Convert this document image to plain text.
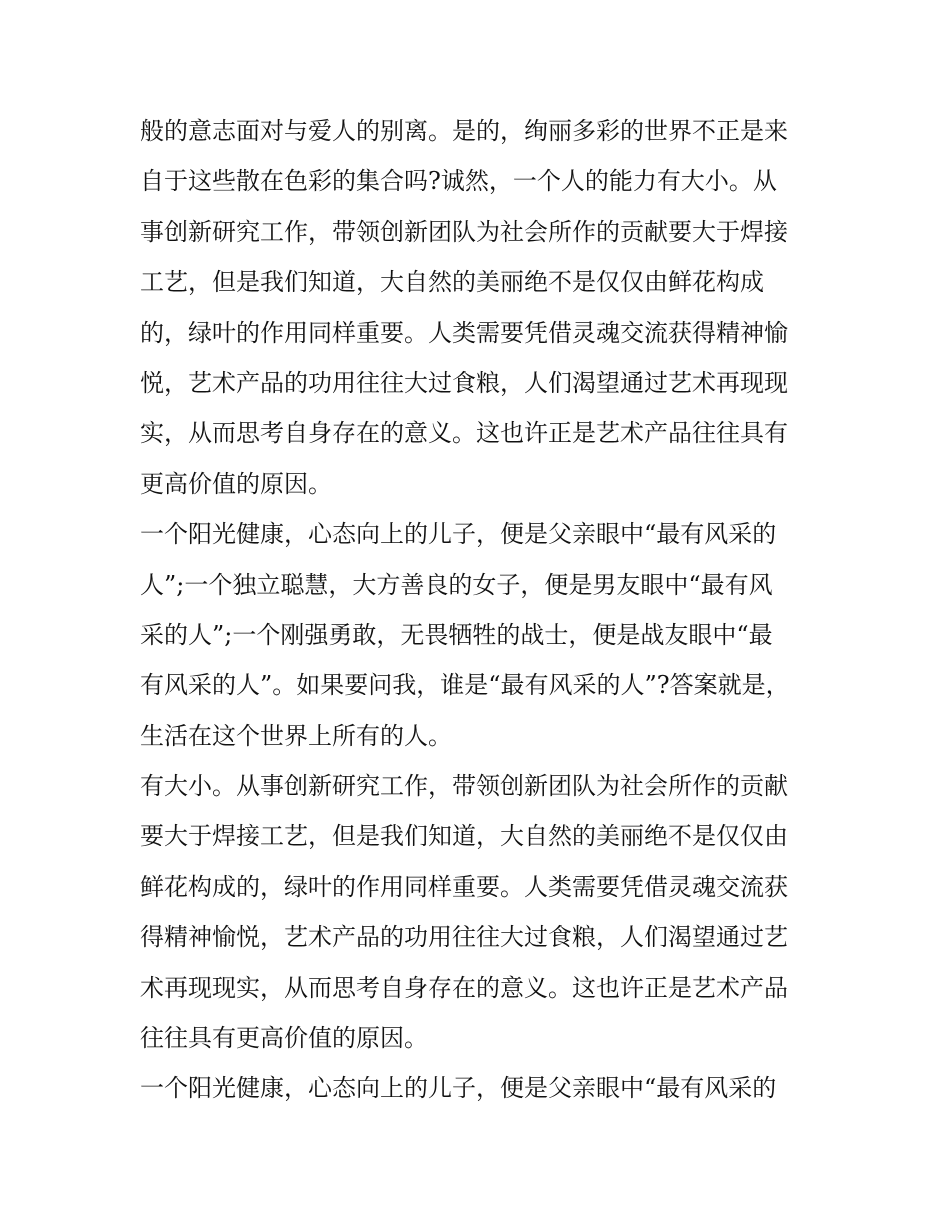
般的意志面对与爱人的别离。是的，绚丽多彩的世界不正是来
自于这些散在色彩的集合吗?诚然，一个人的能力有大小。从
事创新研究工作，带领创新团队为社会所作的贡献要大于焊接
工艺，但是我们知道，大自然的美丽绝不是仅仅由鲜花构成
的，绿叶的作用同样重要。人类需要凭借灵魂交流获得精神愉
悦，艺术产品的功用往往大过食粮，人们渴望通过艺术再现现
实，从而思考自身存在的意义。这也许正是艺术产品往往具有
更高价值的原因。
一个阳光健康，心态向上的儿子，便是父亲眼中“最有风采的
人”;一个独立聪慧，大方善良的女子，便是男友眼中“最有风
采的人”;一个刚强勇敢，无畏牺牲的战士，便是战友眼中“最
有风采的人”。如果要问我，谁是“最有风采的人”?答案就是，
生活在这个世界上所有的人。
有大小。从事创新研究工作，带领创新团队为社会所作的贡献
要大于焊接工艺，但是我们知道，大自然的美丽绝不是仅仅由
鲜花构成的，绿叶的作用同样重要。人类需要凭借灵魂交流获
得精神愉悦，艺术产品的功用往往大过食粮，人们渴望通过艺
术再现现实，从而思考自身存在的意义。这也许正是艺术产品
往往具有更高价值的原因。
一个阳光健康，心态向上的儿子，便是父亲眼中“最有风采的
